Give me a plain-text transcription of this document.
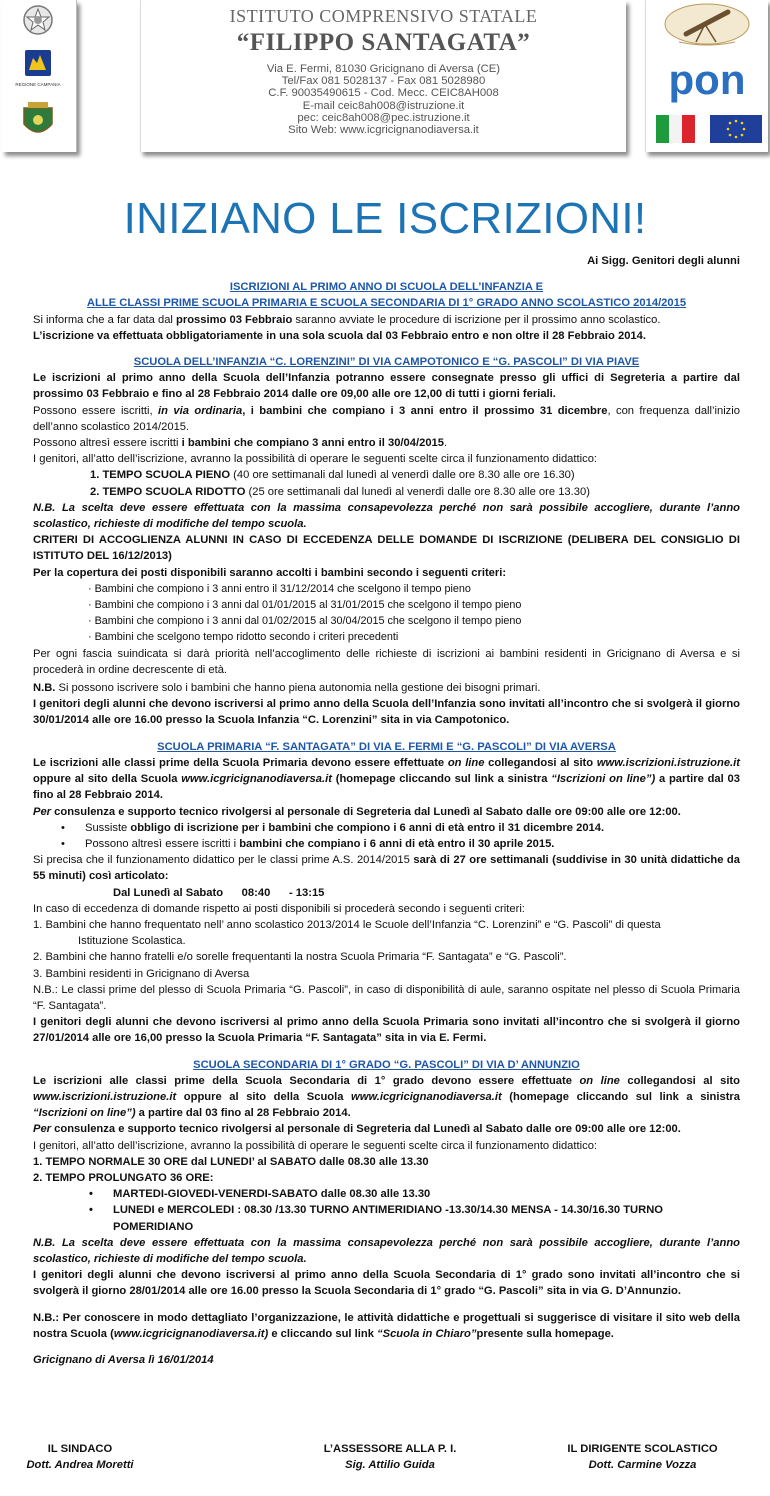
REGIONE CAMPANIA
ISTITUTO COMPRENSIVO STATALE
“FILIPPO SANTAGATA”
Via E. Fermi, 81030 Gricignano di Aversa (CE)
Tel/Fax 081 5028137 - Fax 081 5028980
C.F. 90035490615 - Cod. Mecc. CEIC8AH008
E-mail ceic8ah008@istruzione.it
pec: ceic8ah008@pec.istruzione.it
Sito Web: www.icgricignanodiaversa.it
pon
INIZIANO LE ISCRIZIONI!

Ai Sigg. Genitori degli alunni

ISCRIZIONI AL PRIMO ANNO DI SCUOLA DELL’INFANZIA E

ALLE CLASSI PRIME SCUOLA PRIMARIA E SCUOLA SECONDARIA DI 1° GRADO ANNO SCOLASTICO 2014/2015

Si informa che a far data dal prossimo 03 Febbraio saranno avviate le procedure di iscrizione per il prossimo anno scolastico.

L’iscrizione va effettuata obbligatoriamente in una sola scuola dal 03 Febbraio entro e non oltre il 28 Febbraio 2014.

SCUOLA DELL’INFANZIA “C. LORENZINI” DI VIA CAMPOTONICO E “G. PASCOLI” DI VIA PIAVE

Le iscrizioni al primo anno della Scuola dell’Infanzia potranno essere consegnate presso gli uffici di Segreteria a partire dal prossimo 03 Febbraio e fino al 28 Febbraio 2014 dalle ore 09,00 alle ore 12,00 di tutti i giorni feriali.

Possono essere iscritti, in via ordinaria, i bambini che compiano i 3 anni entro il prossimo 31 dicembre, con frequenza dall’inizio dell’anno scolastico 2014/2015.

Possono altresì essere iscritti i bambini che compiano 3 anni entro il 30/04/2015.

I genitori, all’atto dell’iscrizione, avranno la possibilità di operare le seguenti scelte circa il funzionamento didattico:

1. TEMPO SCUOLA PIENO (40 ore settimanali dal lunedì al venerdì dalle ore 8.30 alle ore 16.30)

2. TEMPO SCUOLA RIDOTTO (25 ore settimanali dal lunedì al venerdì dalle ore 8.30 alle ore 13.30)

N.B. La scelta deve essere effettuata con la massima consapevolezza perché non sarà possibile accogliere, durante l’anno scolastico, richieste di modifiche del tempo scuola.

CRITERI DI ACCOGLIENZA ALUNNI IN CASO DI ECCEDENZA DELLE DOMANDE DI ISCRIZIONE (DELIBERA DEL CONSIGLIO DI ISTITUTO DEL 16/12/2013)

Per la copertura dei posti disponibili saranno accolti i bambini secondo i seguenti criteri:

· Bambini che compiono i 3 anni entro il 31/12/2014 che scelgono il tempo pieno

· Bambini che compiono i 3 anni dal 01/01/2015 al 31/01/2015 che scelgono il tempo pieno

· Bambini che compiono i 3 anni dal 01/02/2015 al 30/04/2015 che scelgono il tempo pieno

· Bambini che scelgono tempo ridotto secondo i criteri precedenti

Per ogni fascia suindicata si darà priorità nell’accoglimento delle richieste di iscrizioni ai bambini residenti in Gricignano di Aversa e si procederà in ordine decrescente di età.

N.B. Si possono iscrivere solo i bambini che hanno piena autonomia nella gestione dei bisogni primari.

I genitori degli alunni che devono iscriversi al primo anno della Scuola dell’Infanzia sono invitati all’incontro che si svolgerà il giorno 30/01/2014 alle ore 16.00 presso la Scuola Infanzia “C. Lorenzini” sita in via Campotonico.

SCUOLA PRIMARIA “F. SANTAGATA” DI VIA E. FERMI E “G. PASCOLI” DI VIA AVERSA

Le iscrizioni alle classi prime della Scuola Primaria devono essere effettuate on line collegandosi al sito www.iscrizioni.istruzione.it oppure al sito della Scuola www.icgricignanodiaversa.it (homepage cliccando sul link a sinistra “Iscrizioni on line”) a partire dal 03 fino al 28 Febbraio 2014.

Per consulenza e supporto tecnico rivolgersi al personale di Segreteria dal Lunedì al Sabato dalle ore 09:00 alle ore 12:00.

• Sussiste obbligo di iscrizione per i bambini che compiono i 6 anni di età entro il 31 dicembre 2014.

• Possono altresì essere iscritti i bambini che compiano i 6 anni di età entro il 30 aprile 2015.

Si precisa che il funzionamento didattico per le classi prime A.S. 2014/2015 sarà di 27 ore settimanali (suddivise in 30 unità didattiche da 55 minuti) così articolato:

Dal Lunedì al Sabato      08:40      - 13:15

In caso di eccedenza di domande rispetto ai posti disponibili si procederà secondo i seguenti criteri:

1. Bambini che hanno frequentato nell’ anno scolastico 2013/2014 le Scuole dell’Infanzia “C. Lorenzini” e “G. Pascoli” di questa

Istituzione Scolastica.

2. Bambini che hanno fratelli e/o sorelle frequentanti la nostra Scuola Primaria “F. Santagata” e “G. Pascoli”.

3. Bambini residenti in Gricignano di Aversa

N.B.: Le classi prime del plesso di Scuola Primaria “G. Pascoli”, in caso di disponibilità di aule, saranno ospitate nel plesso di Scuola Primaria “F. Santagata”.

I genitori degli alunni che devono iscriversi al primo anno della Scuola Primaria sono invitati all’incontro che si svolgerà il giorno 27/01/2014 alle ore 16,00 presso la Scuola Primaria “F. Santagata” sita in via E. Fermi.

SCUOLA SECONDARIA DI 1° GRADO “G. PASCOLI” DI VIA D’ ANNUNZIO

Le iscrizioni alle classi prime della Scuola Secondaria di 1° grado devono essere effettuate on line collegandosi al sito www.iscrizioni.istruzione.it oppure al sito della Scuola www.icgricignanodiaversa.it (homepage cliccando sul link a sinistra “Iscrizioni on line”) a partire dal 03 fino al 28 Febbraio 2014.

Per consulenza e supporto tecnico rivolgersi al personale di Segreteria dal Lunedì al Sabato dalle ore 09:00 alle ore 12:00.

I genitori, all’atto dell’iscrizione, avranno la possibilità di operare le seguenti scelte circa il funzionamento didattico:

1. TEMPO NORMALE 30 ORE dal LUNEDI’ al SABATO dalle 08.30 alle 13.30

2. TEMPO PROLUNGATO 36 ORE:

• MARTEDI-GIOVEDI-VENERDI-SABATO dalle 08.30 alle 13.30

• LUNEDI e MERCOLEDI : 08.30 /13.30 TURNO ANTIMERIDIANO -13.30/14.30 MENSA - 14.30/16.30 TURNO POMERIDIANO

N.B. La scelta deve essere effettuata con la massima consapevolezza perché non sarà possibile accogliere, durante l’anno scolastico, richieste di modifiche del tempo scuola.

I genitori degli alunni che devono iscriversi al primo anno della Scuola Secondaria di 1° grado sono invitati all’incontro che si svolgerà il giorno 28/01/2014 alle ore 16.00 presso la Scuola Secondaria di 1° grado “G. Pascoli” sita in via G. D’Annunzio.

N.B.: Per conoscere in modo dettagliato l’organizzazione, le attività didattiche e progettuali si suggerisce di visitare il sito web della nostra Scuola (www.icgricignanodiaversa.it) e cliccando sul link “Scuola in Chiaro”presente sulla homepage.

Gricignano di Aversa lì 16/01/2014

IL SINDACO
Dott. Andrea Moretti
L’ASSESSORE ALLA P. I.
Sig. Attilio Guida
IL DIRIGENTE SCOLASTICO
Dott. Carmine Vozza
